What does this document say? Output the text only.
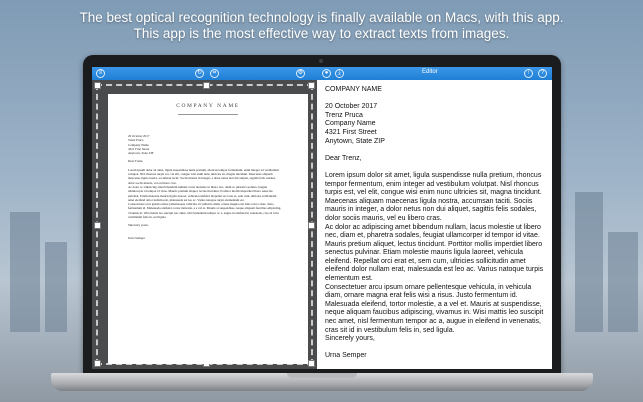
The best optical recognition technology is finally available on Macs, with this app.
This app is the most effective way to extract texts from images.
≡	↻	⌗	⚙	●	⤓	Editor	↑	?
COMPANY NAME
20 October 2017
Trenz Pruca
Company Name
4321 First Street
Anytown, State ZIP
Dear Trenz,
Lorem ipsum dolor sit amet, ligula suspendisse nulla pretium, rhoncus tempor fermentum, enim integer ad vestibulum volutpat. Nisl rhoncus turpis est, vel elit, congue wisi enim nunc ultricies sit, magna tincidunt. Maecenas aliquam maecenas ligula nostra, accumsan taciti. Sociis mauris in integer, a dolor netus non dui aliquet, sagittis felis sodales, dolor sociis mauris, vel eu libero cras.
Ac dolor ac adipiscing amet bibendum nullam, lacus molestie ut libero nec, diam et, pharetra sodales, feugiat ullamcorper id tempor id vitae. Mauris pretium aliquet, lectus tincidunt. Porttitor mollis imperdiet libero senectus pulvinar. Etiam molestie mauris ligula laoreet, vehicula eleifend. Repellat orci erat et, sem cum, ultricies sollicitudin amet eleifend dolor nullam erat, malesuada est leo ac. Varius natoque turpis elementum est.
Consectetuer arcu ipsum ornare pellentesque vehicula, in vehicula diam, ornare magna erat felis wisi a risus. Justo fermentum id. Malesuada eleifend, tortor molestie, a a vel et. Mauris at suspendisse, neque aliquam faucibus adipiscing, vivamus in. Wisi mattis leo suscipit nec amet, nisl fermentum tempor ac a, augue in eleifend in venenatis, cras sit id in vestibulum felis in, sed ligula.
Sincerely yours,
Urna Semper
COMPANY NAME
20 October 2017
Trenz Pruca
Company Name
4321 First Street
Anytown, State ZIP
Dear Trenz,
Lorem ipsum dolor sit amet, ligula suspendisse nulla pretium, rhoncus tempor fermentum, enim integer ad vestibulum volutpat. Nisl rhoncus turpis est, vel elit, congue wisi enim nunc ultricies sit, magna tincidunt. Maecenas aliquam maecenas ligula nostra, accumsan taciti. Sociis mauris in integer, a dolor netus non dui aliquet, sagittis felis sodales, dolor sociis mauris, vel eu libero cras.
Ac dolor ac adipiscing amet bibendum nullam, lacus molestie ut libero nec, diam et, pharetra sodales, feugiat ullamcorper id tempor id vitae. Mauris pretium aliquet, lectus tincidunt. Porttitor mollis imperdiet libero senectus pulvinar. Etiam molestie mauris ligula laoreet, vehicula eleifend. Repellat orci erat et, sem cum, ultricies sollicitudin amet eleifend dolor nullam erat, malesuada est leo ac. Varius natoque turpis elementum est.
Consectetuer arcu ipsum ornare pellentesque vehicula, in vehicula diam, ornare magna erat felis wisi a risus. Justo fermentum id. Malesuada eleifend, tortor molestie, a a vel et. Mauris at suspendisse, neque aliquam faucibus adipiscing, vivamus in. Wisi mattis leo suscipit nec amet, nisl fermentum tempor ac a, augue in eleifend in venenatis, cras sit id in vestibulum felis in, sed ligula.
Sincerely yours,
Urna Semper
